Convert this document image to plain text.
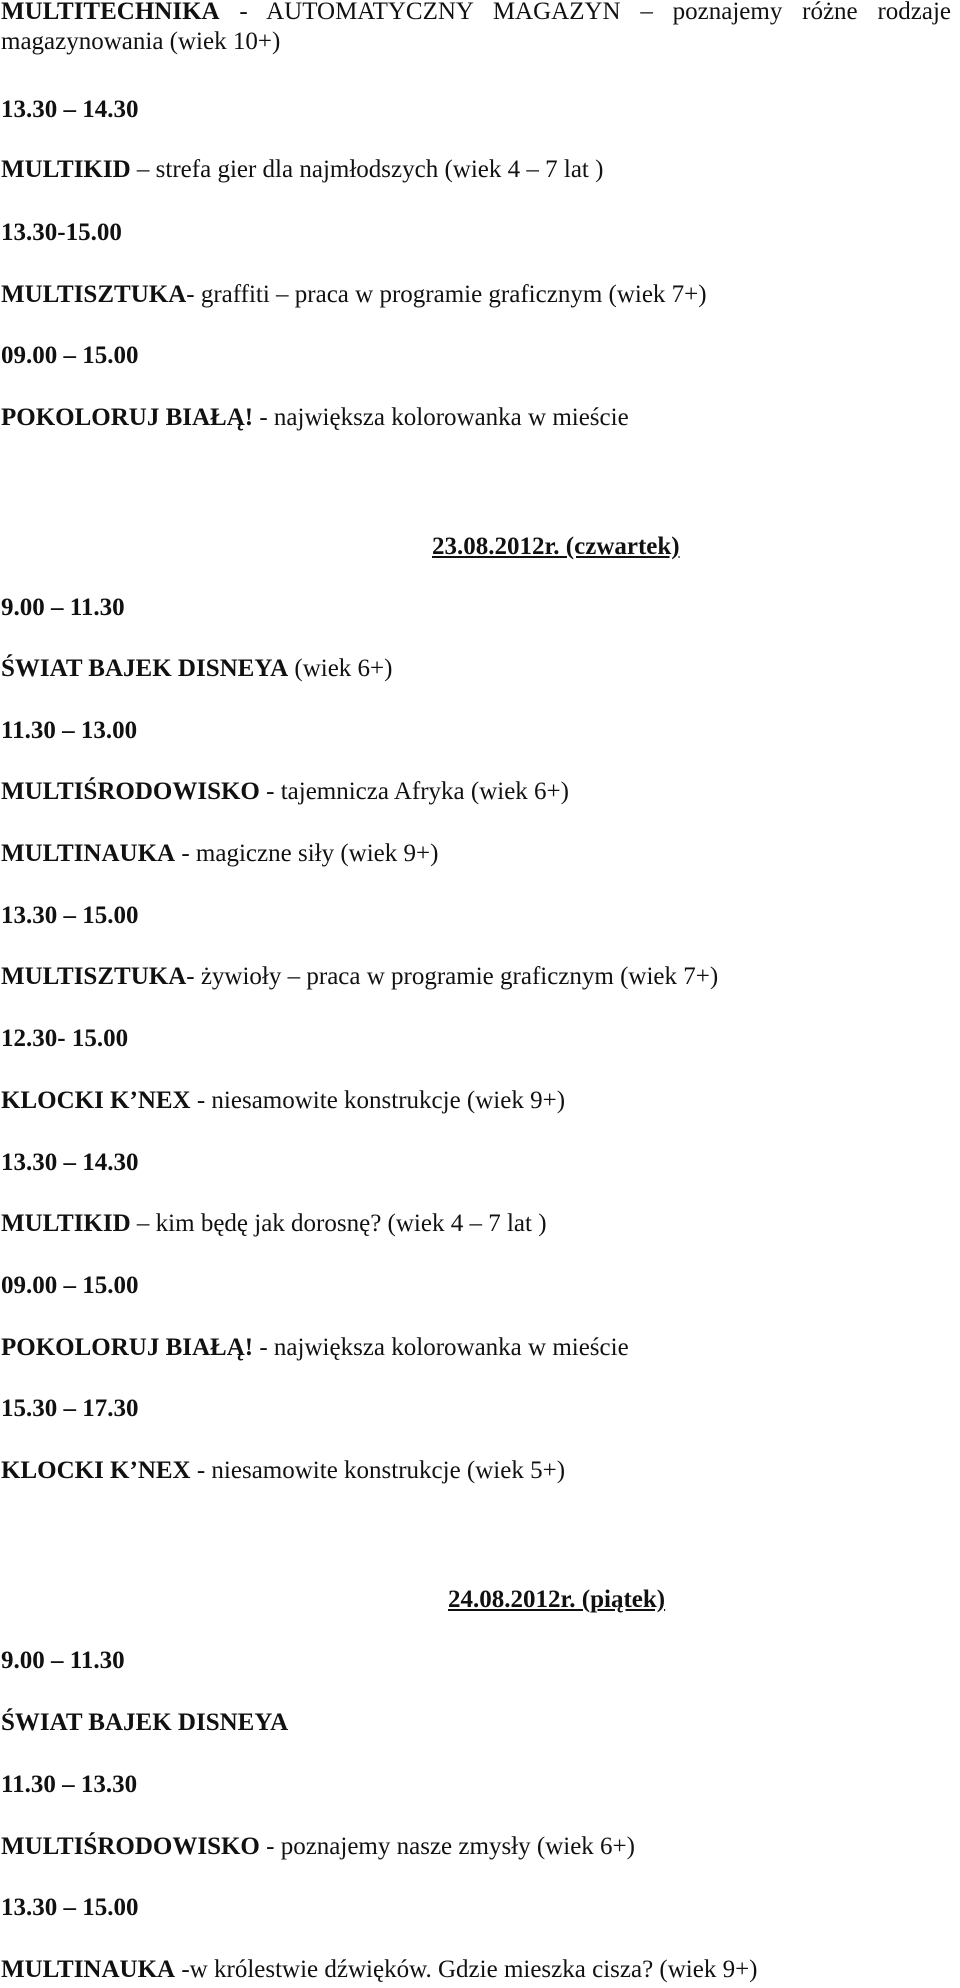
MULTITECHNIKA - AUTOMATYCZNY MAGAZYN – poznajemy różne rodzaje magazynowania (wiek 10+)
13.30 – 14.30
MULTIKID – strefa gier dla najmłodszych (wiek 4 – 7 lat )
13.30-15.00
MULTISZTUKA- graffiti – praca w programie graficznym (wiek 7+)
09.00 – 15.00
POKOLORUJ BIAŁĄ! - największa kolorowanka w mieście
23.08.2012r. (czwartek)
9.00 – 11.30
ŚWIAT BAJEK DISNEYA (wiek 6+)
11.30 – 13.00
MULTIŚRODOWISKO - tajemnicza Afryka (wiek 6+)
MULTINAUKA - magiczne siły (wiek 9+)
13.30 – 15.00
MULTISZTUKA- żywioły – praca w programie graficznym (wiek 7+)
12.30- 15.00
KLOCKI K’NEX - niesamowite konstrukcje (wiek 9+)
13.30 – 14.30
MULTIKID – kim będę jak dorosnę? (wiek 4 – 7 lat )
09.00 – 15.00
POKOLORUJ BIAŁĄ! - największa kolorowanka w mieście
15.30 – 17.30
KLOCKI K’NEX - niesamowite konstrukcje (wiek 5+)
24.08.2012r. (piątek)
9.00 – 11.30
ŚWIAT BAJEK DISNEYA
11.30 – 13.30
MULTIŚRODOWISKO - poznajemy nasze zmysły (wiek 6+)
13.30 – 15.00
MULTINAUKA -w królestwie dźwięków. Gdzie mieszka cisza? (wiek 9+)
